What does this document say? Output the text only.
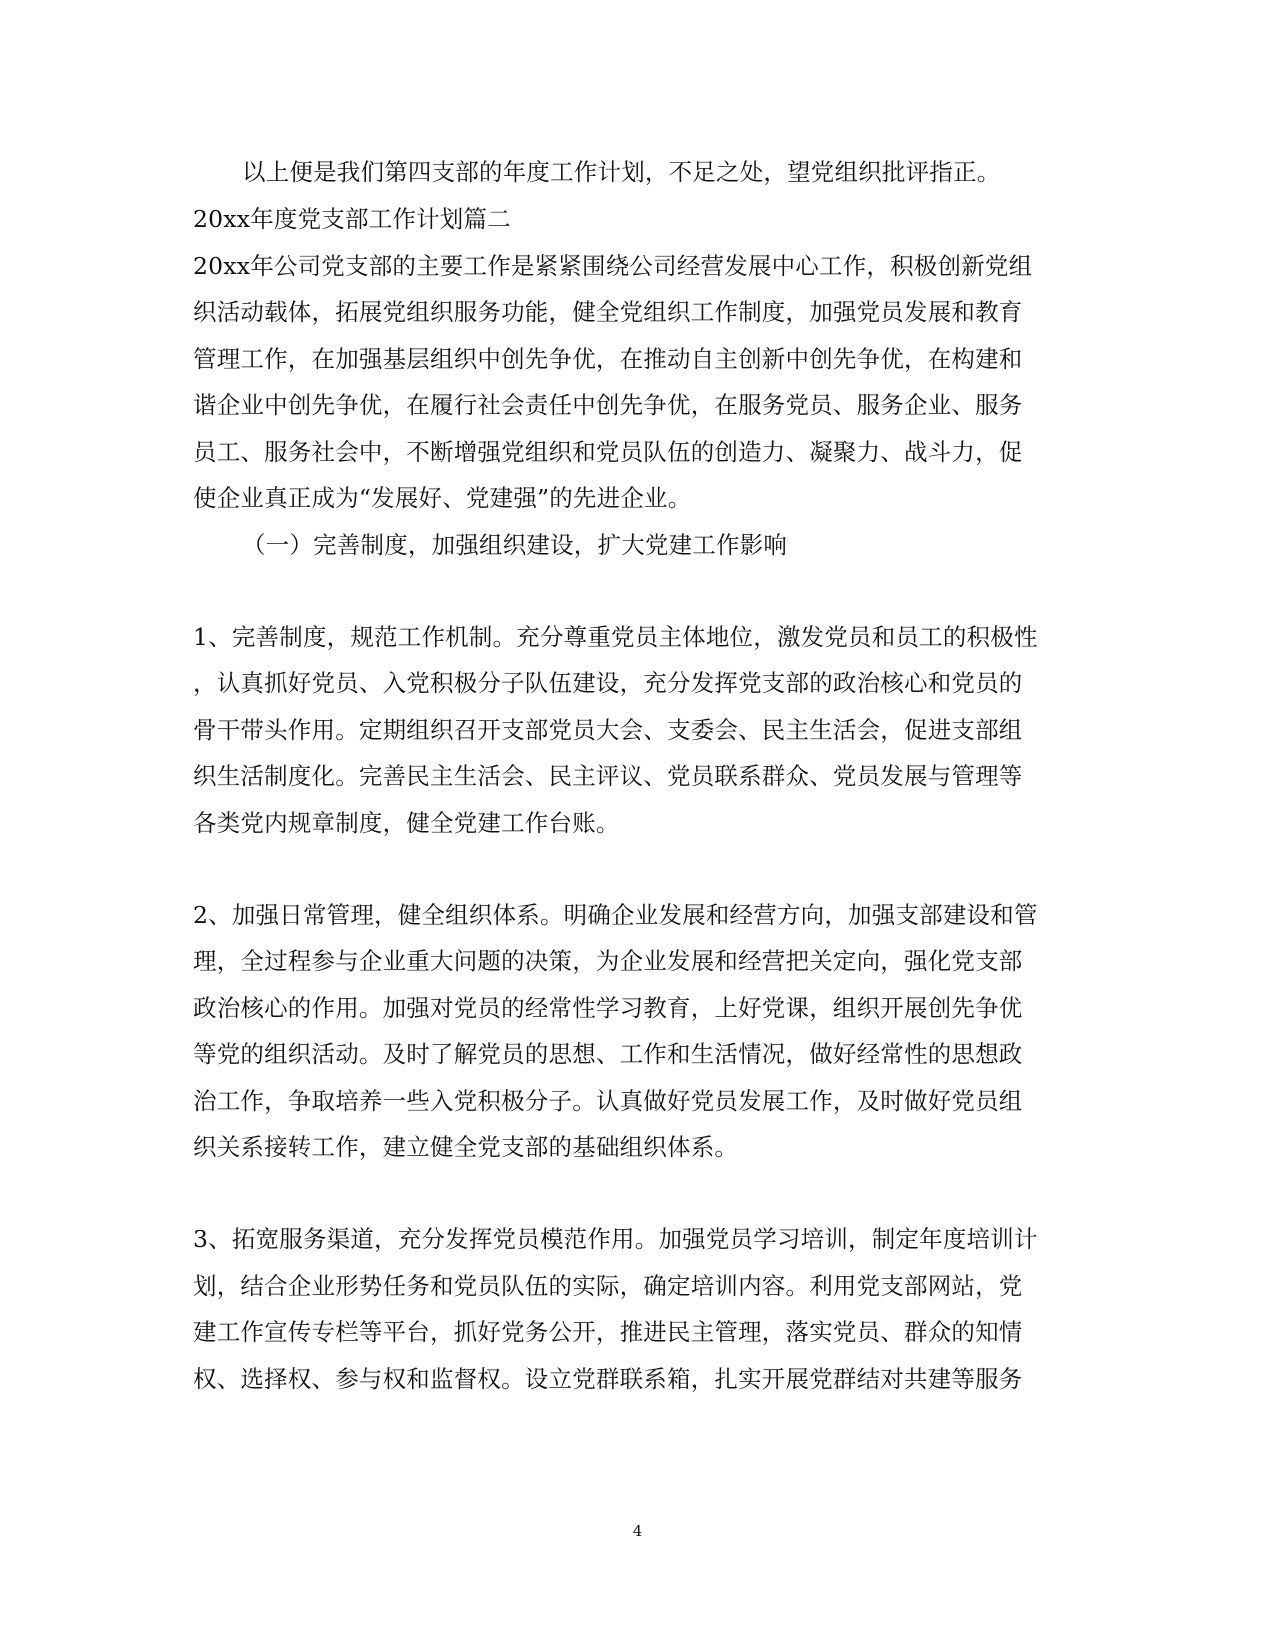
以上便是我们第四支部的年度工作计划，不足之处，望党组织批评指正。
20xx年度党支部工作计划篇二
20xx年公司党支部的主要工作是紧紧围绕公司经营发展中心工作，积极创新党组
织活动载体，拓展党组织服务功能，健全党组织工作制度，加强党员发展和教育
管理工作，在加强基层组织中创先争优，在推动自主创新中创先争优，在构建和
谐企业中创先争优，在履行社会责任中创先争优，在服务党员、服务企业、服务
员工、服务社会中，不断增强党组织和党员队伍的创造力、凝聚力、战斗力，促
使企业真正成为“发展好、党建强”的先进企业。
（一）完善制度，加强组织建设，扩大党建工作影响
1、完善制度，规范工作机制。充分尊重党员主体地位，激发党员和员工的积极性
，认真抓好党员、入党积极分子队伍建设，充分发挥党支部的政治核心和党员的
骨干带头作用。定期组织召开支部党员大会、支委会、民主生活会，促进支部组
织生活制度化。完善民主生活会、民主评议、党员联系群众、党员发展与管理等
各类党内规章制度，健全党建工作台账。
2、加强日常管理，健全组织体系。明确企业发展和经营方向，加强支部建设和管
理，全过程参与企业重大问题的决策，为企业发展和经营把关定向，强化党支部
政治核心的作用。加强对党员的经常性学习教育，上好党课，组织开展创先争优
等党的组织活动。及时了解党员的思想、工作和生活情况，做好经常性的思想政
治工作，争取培养一些入党积极分子。认真做好党员发展工作，及时做好党员组
织关系接转工作，建立健全党支部的基础组织体系。
3、拓宽服务渠道，充分发挥党员模范作用。加强党员学习培训，制定年度培训计
划，结合企业形势任务和党员队伍的实际，确定培训内容。利用党支部网站，党
建工作宣传专栏等平台，抓好党务公开，推进民主管理，落实党员、群众的知情
权、选择权、参与权和监督权。设立党群联系箱，扎实开展党群结对共建等服务
4
